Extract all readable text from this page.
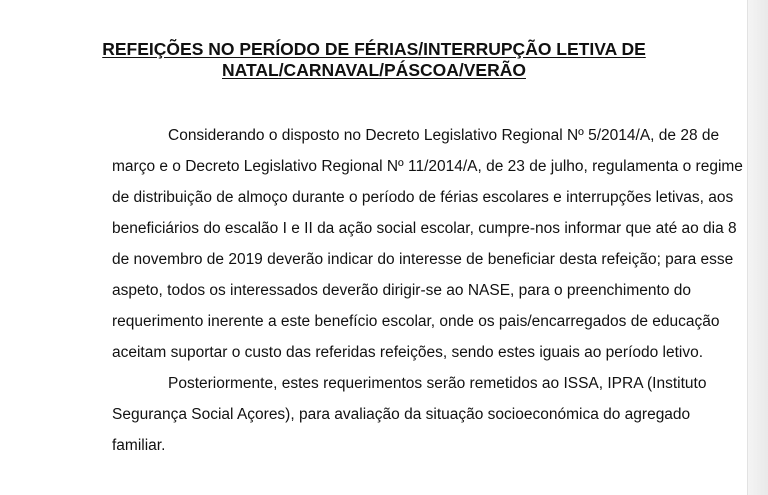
REFEIÇÕES NO PERÍODO DE FÉRIAS/INTERRUPÇÃO LETIVA DE
NATAL/CARNAVAL/PÁSCOA/VERÃO
Considerando o disposto no Decreto Legislativo Regional Nº 5/2014/A, de 28 de
março e o Decreto Legislativo Regional Nº 11/2014/A, de 23 de julho, regulamenta o regime
de distribuição de almoço durante o período de férias escolares e interrupções letivas, aos
beneficiários do escalão I e II da ação social escolar, cumpre-nos informar que até ao dia 8
de novembro de 2019 deverão indicar do interesse de beneficiar desta refeição; para esse
aspeto, todos os interessados deverão dirigir-se ao NASE, para o preenchimento do
requerimento inerente a este benefício escolar, onde os pais/encarregados de educação
aceitam suportar o custo das referidas refeições, sendo estes iguais ao período letivo.
Posteriormente, estes requerimentos serão remetidos ao ISSA, IPRA (Instituto
Segurança Social Açores), para avaliação da situação socioeconómica do agregado
familiar.
